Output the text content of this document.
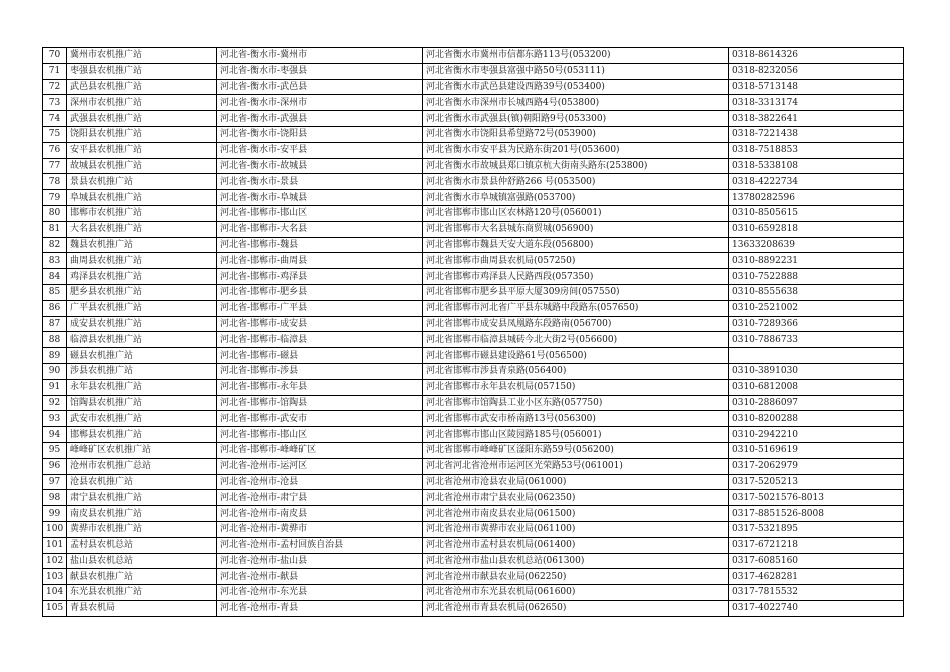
70	冀州市农机推广站	河北省-衡水市-冀州市	河北省衡水市冀州市信都东路113号(053200)	0318-8614326
71	枣强县农机推广站	河北省-衡水市-枣强县	河北省衡水市枣强县富强中路50号(053111)	0318-8232056
72	武邑县农机推广站	河北省-衡水市-武邑县	河北省衡水市武邑县建设西路39号(053400)	0318-5713148
73	深州市农机推广站	河北省-衡水市-深州市	河北省衡水市深州市长城西路4号(053800)	0318-3313174
74	武强县农机推广站	河北省-衡水市-武强县	河北省衡水市武强县(镇)朝阳路9号(053300)	0318-3822641
75	饶阳县农机推广站	河北省-衡水市-饶阳县	河北省衡水市饶阳县希望路72号(053900)	0318-7221438
76	安平县农机推广站	河北省-衡水市-安平县	河北省衡水市安平县为民路东街201号(053600)	0318-7518853
77	故城县农机推广站	河北省-衡水市-故城县	河北省衡水市故城县郑口镇京杭大街南头路东(253800)	0318-5338108
78	景县农机推广站	河北省-衡水市-景县	河北省衡水市景县仲舒路266 号(053500)	0318-4222734
79	阜城县农机推广站	河北省-衡水市-阜城县	河北省衡水市阜城镇富强路(053700)	13780282596
80	邯郸市农机推广站	河北省-邯郸市-邯山区	河北省邯郸市邯山区农林路120号(056001)	0310-8505615
81	大名县农机推广站	河北省-邯郸市-大名县	河北省邯郸市大名县城东商贸城(056900)	0310-6592818
82	魏县农机推广站	河北省-邯郸市-魏县	河北省邯郸市魏县天安大道东段(056800)	13633208639
83	曲周县农机推广站	河北省-邯郸市-曲周县	河北省邯郸市曲周县农机局(057250)	0310-8892231
84	鸡泽县农机推广站	河北省-邯郸市-鸡泽县	河北省邯郸市鸡泽县人民路西段(057350)	0310-7522888
85	肥乡县农机推广站	河北省-邯郸市-肥乡县	河北省邯郸市肥乡县平原大厦309房间(057550)	0310-8555638
86	广平县农机推广站	河北省-邯郸市-广平县	河北省邯郸市河北省广平县东城路中段路东(057650)	0310-2521002
87	成安县农机推广站	河北省-邯郸市-成安县	河北省邯郸市成安县凤凰路东段路南(056700)	0310-7289366
88	临漳县农机推广站	河北省-邯郸市-临漳县	河北省邯郸市临漳县城砖今北大街2号(056600)	0310-7886733
89	磁县农机推广站	河北省-邯郸市-磁县	河北省邯郸市磁县建设路61号(056500)	
90	涉县农机推广站	河北省-邯郸市-涉县	河北省邯郸市涉县青泉路(056400)	0310-3891030
91	永年县农机推广站	河北省-邯郸市-永年县	河北省邯郸市永年县农机局(057150)	0310-6812008
92	馆陶县农机推广站	河北省-邯郸市-馆陶县	河北省邯郸市馆陶县工业小区东路(057750)	0310-2886097
93	武安市农机推广站	河北省-邯郸市-武安市	河北省邯郸市武安市桥南路13号(056300)	0310-8200288
94	邯郸县农机推广站	河北省-邯郸市-邯山区	河北省邯郸市邯山区陵园路185号(056001)	0310-2942210
95	峰峰矿区农机推广站	河北省-邯郸市-峰峰矿区	河北省邯郸市峰峰矿区滏阳东路59号(056200)	0310-5169619
96	沧州市农机推广总站	河北省-沧州市-运河区	河北省河北省沧州市运河区光荣路53号(061001)	0317-2062979
97	沧县农机推广站	河北省-沧州市-沧县	河北省沧州市沧县农业局(061000)	0317-5205213
98	肃宁县农机推广站	河北省-沧州市-肃宁县	河北省沧州市肃宁县农业局(062350)	0317-5021576-8013
99	南皮县农机推广站	河北省-沧州市-南皮县	河北省沧州市南皮县农业局(061500)	0317-8851526-8008
100	黄骅市农机推广站	河北省-沧州市-黄骅市	河北省沧州市黄骅市农业局(061100)	0317-5321895
101	孟村县农机总站	河北省-沧州市-孟村回族自治县	河北省沧州市孟村县农机局(061400)	0317-6721218
102	盐山县农机总站	河北省-沧州市-盐山县	河北省沧州市盐山县农机总站(061300)	0317-6085160
103	献县农机推广站	河北省-沧州市-献县	河北省沧州市献县农业局(062250)	0317-4628281
104	东光县农机推广站	河北省-沧州市-东光县	河北省沧州市东光县农机局(061600)	0317-7815532
105	青县农机局	河北省-沧州市-青县	河北省沧州市青县农机局(062650)	0317-4022740
